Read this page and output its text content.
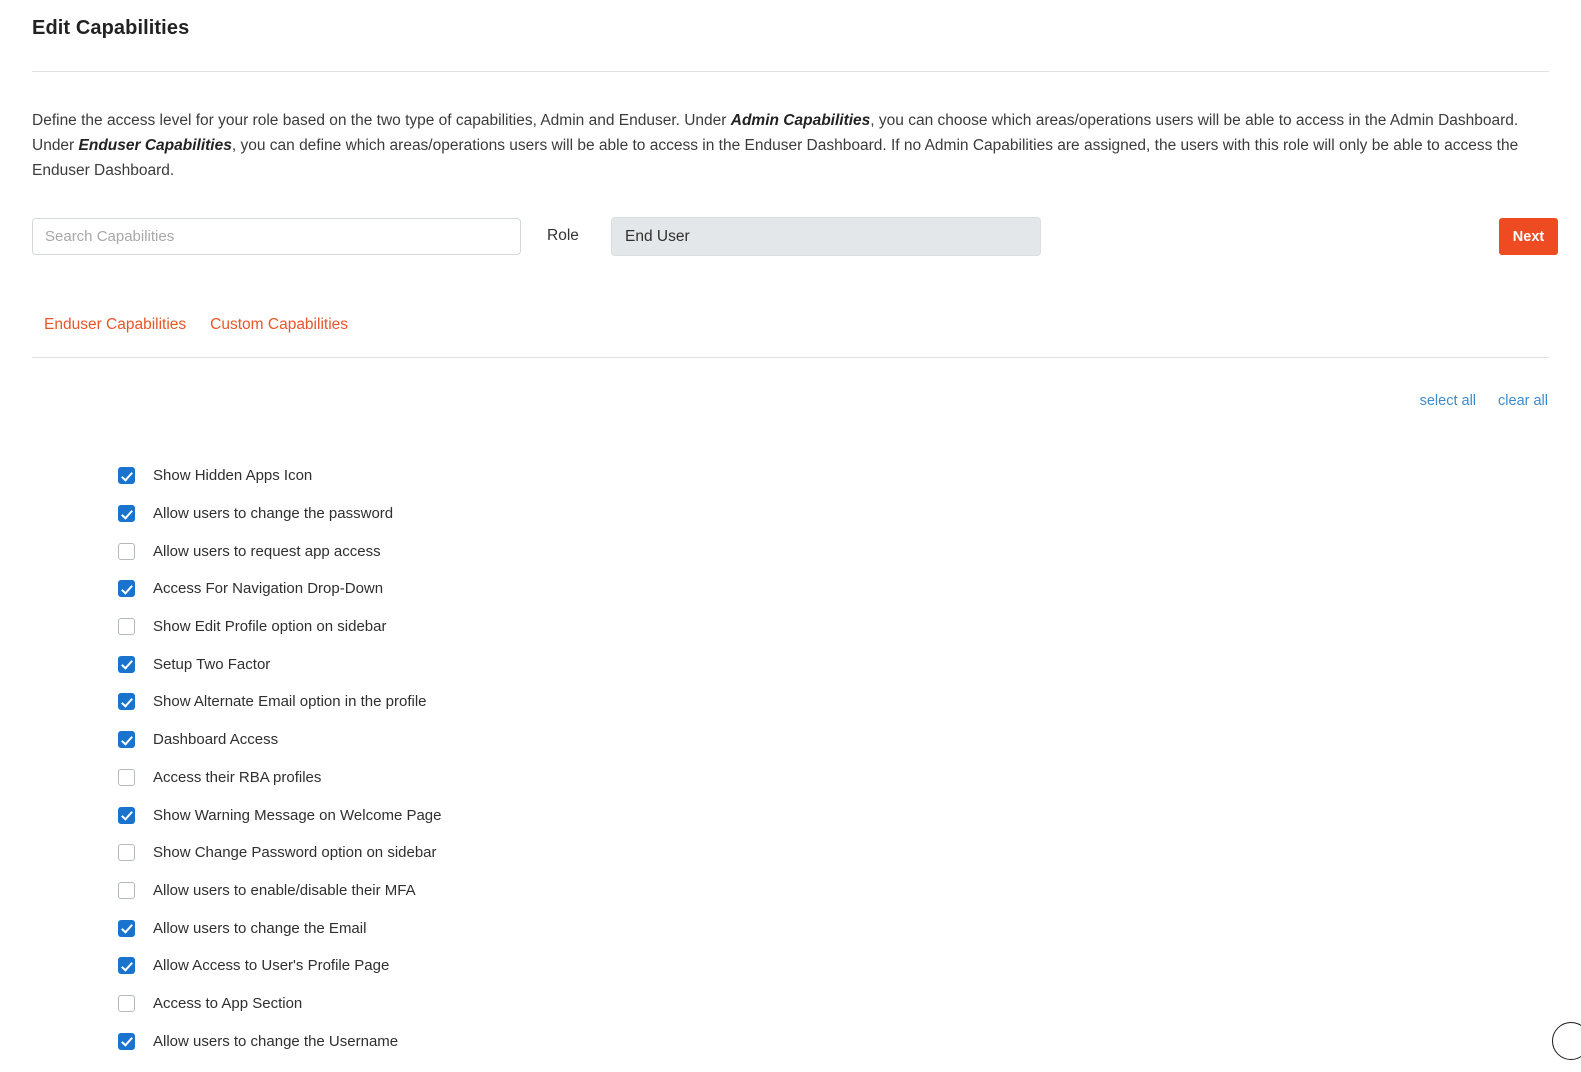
Edit Capabilities
Define the access level for your role based on the two type of capabilities, Admin and Enduser. Under Admin Capabilities, you can choose which areas/operations users will be able to access in the Admin Dashboard. Under Enduser Capabilities, you can define which areas/operations users will be able to access in the Enduser Dashboard. If no Admin Capabilities are assigned, the users with this role will only be able to access the Enduser Dashboard.
Search Capabilities
Role	End User	Next
Enduser Capabilities	Custom Capabilities
select all clear all
Show Hidden Apps Icon
Allow users to change the password
Allow users to request app access
Access For Navigation Drop-Down
Show Edit Profile option on sidebar
Setup Two Factor
Show Alternate Email option in the profile
Dashboard Access
Access their RBA profiles
Show Warning Message on Welcome Page
Show Change Password option on sidebar
Allow users to enable/disable their MFA
Allow users to change the Email
Allow Access to User's Profile Page
Access to App Section
Allow users to change the Username
